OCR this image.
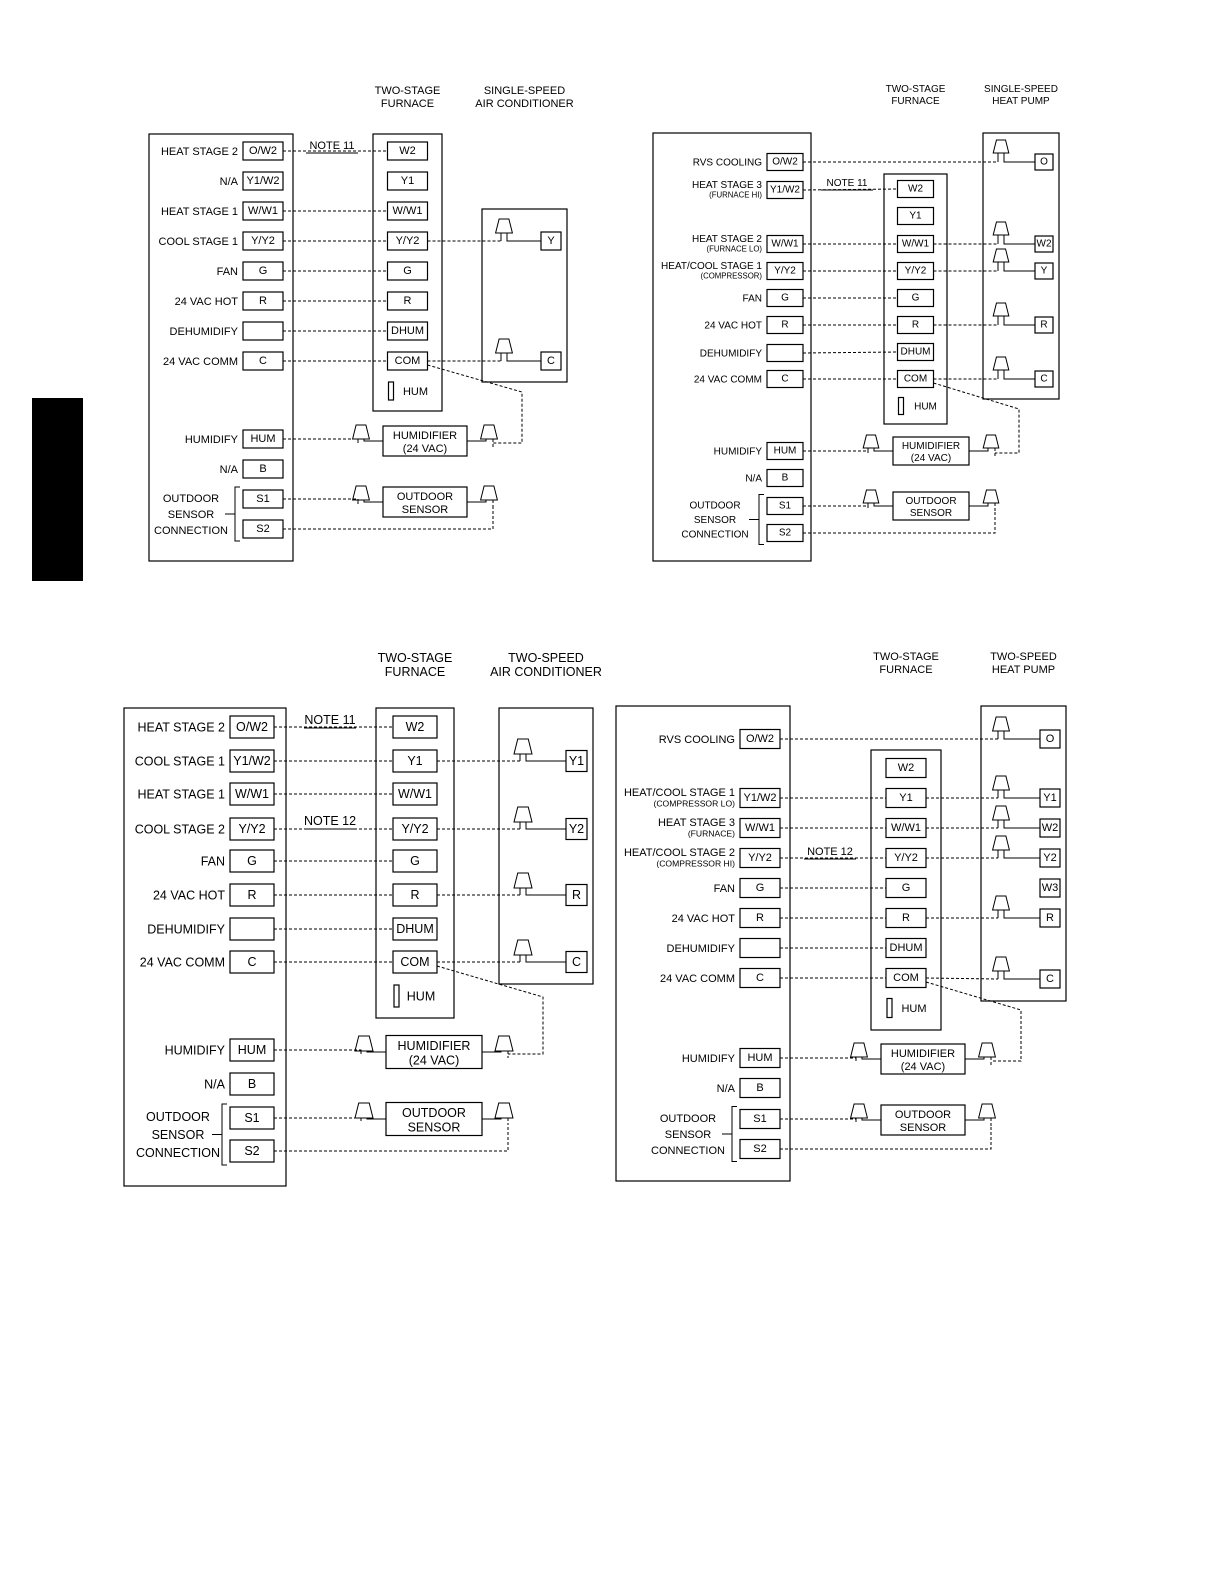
TWO-STAGE
FURNACE
SINGLE-SPEED
AIR CONDITIONER
O/W2
HEAT STAGE 2
Y1/W2
N/A
W/W1
HEAT STAGE 1
Y/Y2
COOL STAGE 1
G
FAN
R
24 VAC HOT
DEHUMIDIFY
C
24 VAC COMM
HUM
HUMIDIFY
B
N/A
S1
S2
OUTDOOR
SENSOR
CONNECTION
W2
Y1
W/W1
Y/Y2
G
R
DHUM
COM
HUM
NOTE 11
Y
C
HUMIDIFIER
(24 VAC)
OUTDOOR
SENSOR
TWO-STAGE
FURNACE
SINGLE-SPEED
HEAT PUMP
O/W2
RVS COOLING
Y1/W2
HEAT STAGE 3
(FURNACE HI)
W/W1
HEAT STAGE 2
(FURNACE LO)
Y/Y2
HEAT/COOL STAGE 1
(COMPRESSOR)
G
FAN
R
24 VAC HOT
DEHUMIDIFY
C
24 VAC COMM
HUM
HUMIDIFY
B
N/A
S1
S2
OUTDOOR
SENSOR
CONNECTION
W2
Y1
W/W1
Y/Y2
G
R
DHUM
COM
HUM
NOTE 11
O
W2
Y
R
C
HUMIDIFIER
(24 VAC)
OUTDOOR
SENSOR
TWO-STAGE
FURNACE
TWO-SPEED
AIR CONDITIONER
O/W2
HEAT STAGE 2
Y1/W2
COOL STAGE 1
W/W1
HEAT STAGE 1
Y/Y2
COOL STAGE 2
G
FAN
R
24 VAC HOT
DEHUMIDIFY
C
24 VAC COMM
HUM
HUMIDIFY
B
N/A
S1
S2
OUTDOOR
SENSOR
CONNECTION
W2
Y1
W/W1
Y/Y2
G
R
DHUM
COM
HUM
NOTE 11
NOTE 12
Y1
Y2
R
C
HUMIDIFIER
(24 VAC)
OUTDOOR
SENSOR
TWO-STAGE
FURNACE
TWO-SPEED
HEAT PUMP
O/W2
RVS COOLING
Y1/W2
HEAT/COOL STAGE 1
(COMPRESSOR LO)
W/W1
HEAT STAGE 3
(FURNACE)
Y/Y2
HEAT/COOL STAGE 2
(COMPRESSOR HI)
G
FAN
R
24 VAC HOT
DEHUMIDIFY
C
24 VAC COMM
HUM
HUMIDIFY
B
N/A
S1
S2
OUTDOOR
SENSOR
CONNECTION
W2
Y1
W/W1
Y/Y2
G
R
DHUM
COM
HUM
NOTE 12
O
Y1
W2
Y2
W3
R
C
HUMIDIFIER
(24 VAC)
OUTDOOR
SENSOR
